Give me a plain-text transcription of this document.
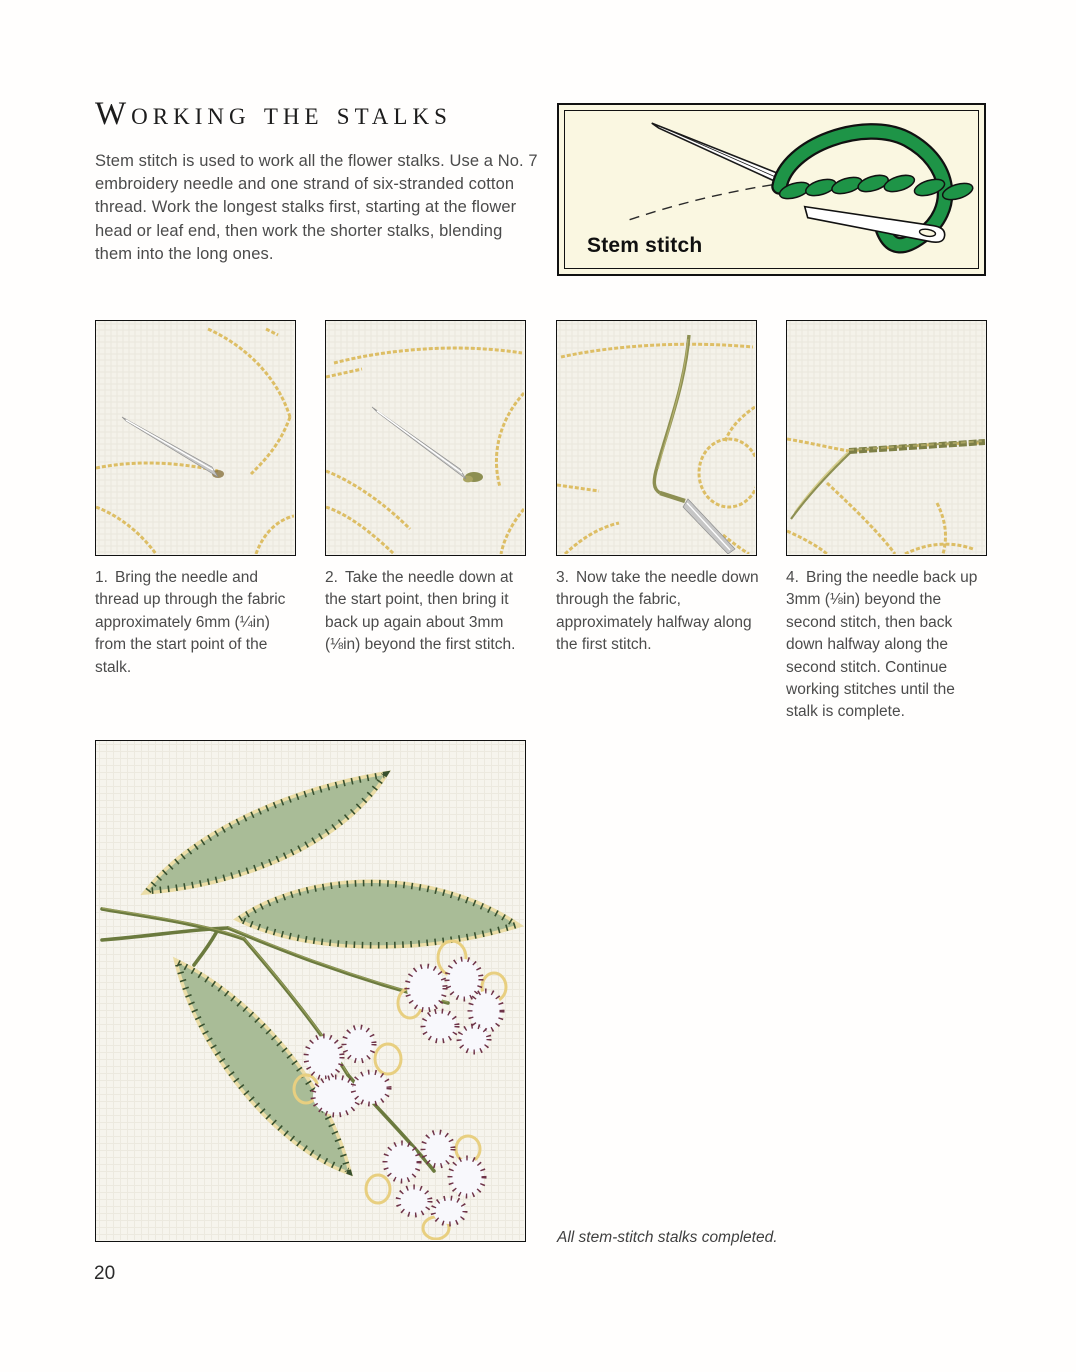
Working the stalks

Stem stitch is used to work all the flower stalks. Use a No. 7 embroidery needle and one strand of six-stranded cotton thread. Work the longest stalks first, starting at the flower head or leaf end, then work the shorter stalks, blending them into the long ones.	Stem stitch

1. Bring the needle and thread up through the fabric approximately 6mm (¼in) from the start point of the stalk.

2. Take the needle down at the start point, then bring it back up again about 3mm (⅛in) beyond the first stitch.

3. Now take the needle down through the fabric, approximately halfway along the first stitch.

4. Bring the needle back up 3mm (⅛in) beyond the second stitch, then back down halfway along the second stitch. Continue working stitches until the stalk is complete.

All stem-stitch stalks completed.

20
